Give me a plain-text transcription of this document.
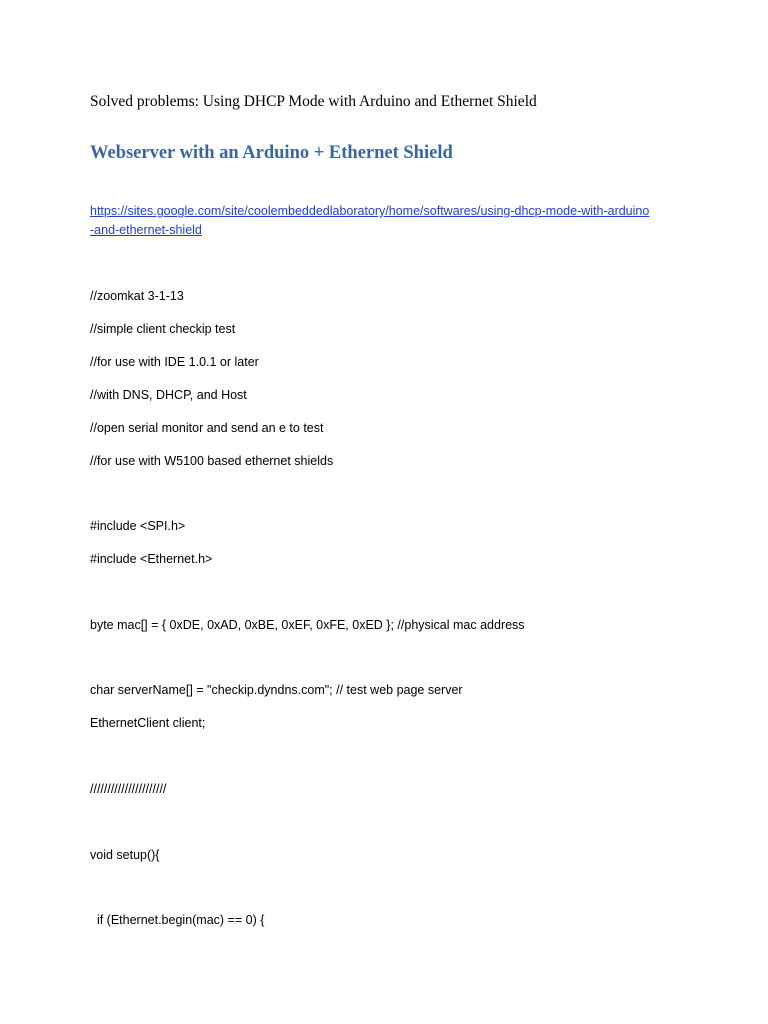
Solved problems: Using DHCP Mode with Arduino and Ethernet Shield
Webserver with an Arduino + Ethernet Shield
https://sites.google.com/site/coolembeddedlaboratory/home/softwares/using-dhcp-mode-with-arduino-and-ethernet-shield
//zoomkat 3-1-13
//simple client checkip test
//for use with IDE 1.0.1 or later
//with DNS, DHCP, and Host
//open serial monitor and send an e to test
//for use with W5100 based ethernet shields
#include <SPI.h>
#include <Ethernet.h>
byte mac[] = { 0xDE, 0xAD, 0xBE, 0xEF, 0xFE, 0xED }; //physical mac address
char serverName[] = "checkip.dyndns.com"; // test web page server
EthernetClient client;
//////////////////////
void setup(){
if (Ethernet.begin(mac) == 0) {
